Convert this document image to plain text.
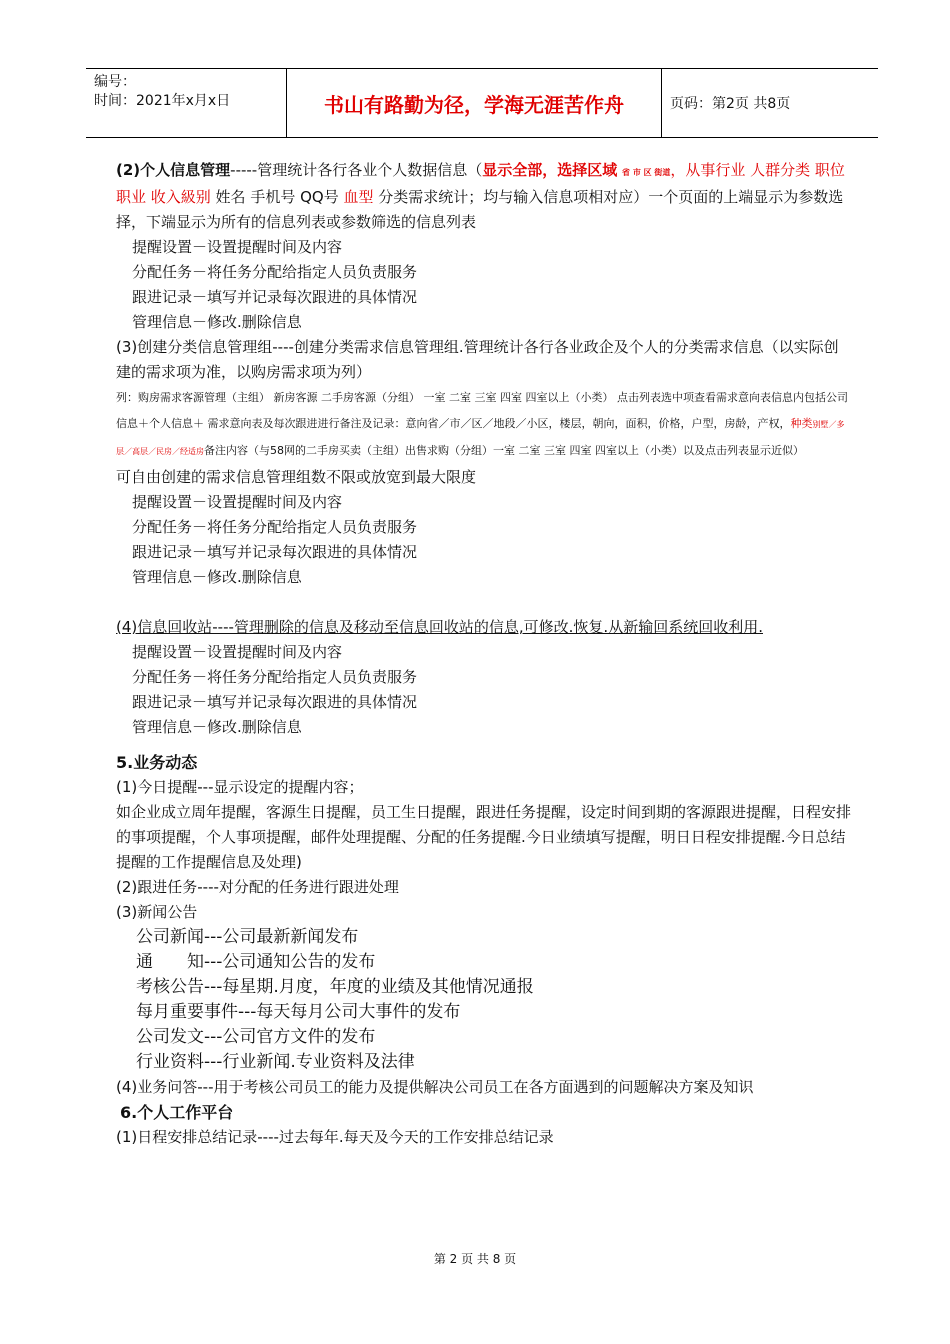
编号：
时间：2021年x月x日	书山有路勤为径，学海无涯苦作舟	页码：第2页 共8页

(2)个人信息管理-----管理统计各行各业个人数据信息（显示全部，选择区域 省 市 区 街道，从事行业 人群分类 职位 职业 收入級别 姓名 手机号 QQ号 血型 分类需求统计；均与输入信息项相对应）一个页面的上端显示为参数选择，下端显示为所有的信息列表或参数筛选的信息列表

提醒设置－设置提醒时间及内容

分配任务－将任务分配给指定人员负责服务

跟进记录－填写并记录每次跟进的具体情况

管理信息－修改.删除信息

(3)创建分类信息管理组----创建分类需求信息管理组.管理统计各行各业政企及个人的分类需求信息（以实际创建的需求项为准，以购房需求项为列）

列：购房需求客源管理（主组） 新房客源 二手房客源（分组） 一室 二室 三室 四室 四室以上（小类） 点击列表选中项查看需求意向表信息内包括公司信息＋个人信息＋ 需求意向表及每次跟进进行备注及记录：意向省／市／区／地段／小区，楼层，朝向，面积，价格，户型，房龄，产权，种类别墅／多层／高层／民房／经适房备注内容（与58网的二手房买卖（主组）出售求购（分组）一室 二室 三室 四室 四室以上（小类）以及点击列表显示近似）

可自由创建的需求信息管理组数不限或放宽到最大限度

提醒设置－设置提醒时间及内容

分配任务－将任务分配给指定人员负责服务

跟进记录－填写并记录每次跟进的具体情况

管理信息－修改.删除信息

(4)信息回收站----管理删除的信息及移动至信息回收站的信息,可修改.恢复.从新输回系统回收利用.

提醒设置－设置提醒时间及内容

分配任务－将任务分配给指定人员负责服务

跟进记录－填写并记录每次跟进的具体情况

管理信息－修改.删除信息

5.业务动态

(1)今日提醒---显示设定的提醒内容；

如企业成立周年提醒，客源生日提醒，员工生日提醒，跟进任务提醒，设定时间到期的客源跟进提醒，日程安排的事项提醒，个人事项提醒，邮件处理提醒、分配的任务提醒.今日业绩填写提醒，明日日程安排提醒.今日总结提醒的工作提醒信息及处理)

(2)跟进任务----对分配的任务进行跟进处理

(3)新闻公告

公司新闻---公司最新新闻发布

通　　知---公司通知公告的发布

考核公告---每星期.月度，年度的业绩及其他情况通报

每月重要事件---每天每月公司大事件的发布

公司发文---公司官方文件的发布

行业资料---行业新闻.专业资料及法律

(4)业务问答---用于考核公司员工的能力及提供解决公司员工在各方面遇到的问题解决方案及知识

6.个人工作平台

(1)日程安排总结记录----过去每年.每天及今天的工作安排总结记录

第 2 页 共 8 页
